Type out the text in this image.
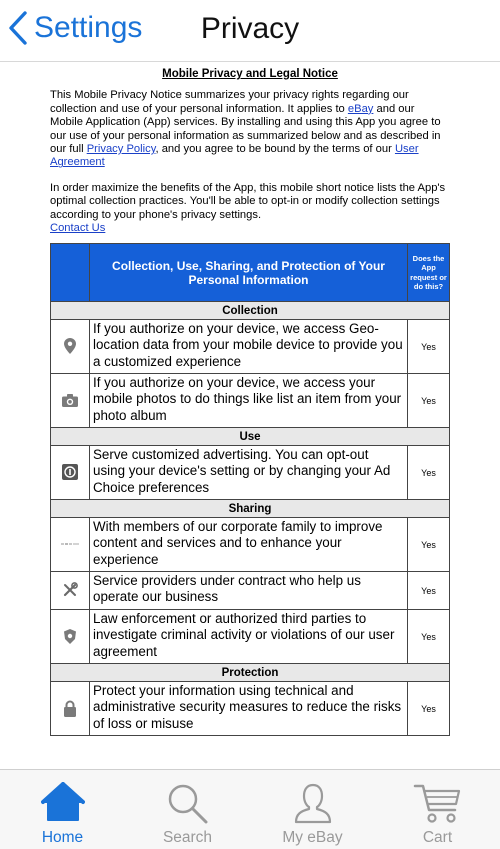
Settings	Privacy
Mobile Privacy and Legal Notice
This Mobile Privacy Notice summarizes your privacy rights regarding our collection and use of your personal information. It applies to eBay and our Mobile Application (App) services. By installing and using this App you agree to our use of your personal information as summarized below and as described in our full Privacy Policy, and you agree to be bound by the terms of our User Agreement
In order maximize the benefits of the App, this mobile short notice lists the App's optimal collection practices. You'll be able to opt-in or modify collection settings according to your phone's privacy settings.
Contact Us
	Collection, Use, Sharing, and Protection of Your Personal Information	Does the App request or do this?
Collection		
	If you authorize on your device, we access Geo-location data from your mobile device to provide you a customized experience	Yes
	If you authorize on your device, we access your mobile photos to do things like list an item from your photo album	Yes
Use		
	Serve customized advertising. You can opt-out using your device's setting or by changing your Ad Choice preferences	Yes
Sharing		
	With members of our corporate family to improve content and services and to enhance your experience	Yes
	Service providers under contract who help us operate our business	Yes
	Law enforcement or authorized third parties to investigate criminal activity or violations of our user agreement	Yes
Protection		
	Protect your information using technical and administrative security measures to reduce the risks of loss or misuse	Yes
Home	Search	My eBay	Cart
